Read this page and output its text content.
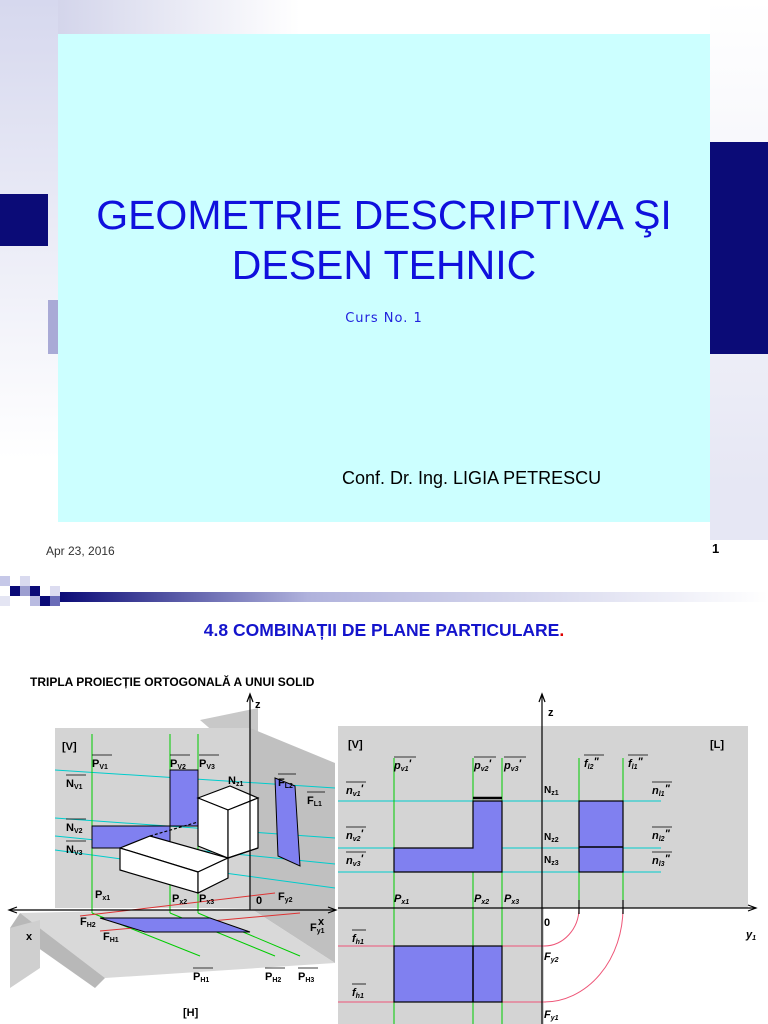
GEOMETRIE DESCRIPTIVA ŞI
DESEN TEHNIC
Curs No. 1
Conf. Dr. Ing. LIGIA PETRESCU
Apr 23, 2016	1
4.8 COMBINAȚII DE PLANE PARTICULARE.
TRIPLA PROIECȚIE ORTOGONALĂ A UNUI SOLID
z
x
x
[V]
[H]
0
PV1	PV2 PV3
NV1
NV2
NV3
Nz1	FL2
FL1
Px1	Px2 Px3
FH2
FH1
Fy2
Fy1
PH1	PH2 PH3
z
y1
[V]	[L]
0
pv1'	pv2' pv3'	fl2"	fl1"
nv1'
nv2'
nv3'
nl1"
nl2"
nl3"
Px1	Px2 Px3
fh1
fh1
Fy2
Fy1
$N_{z1}$
$N_{z2}$
$N_{z3}$
